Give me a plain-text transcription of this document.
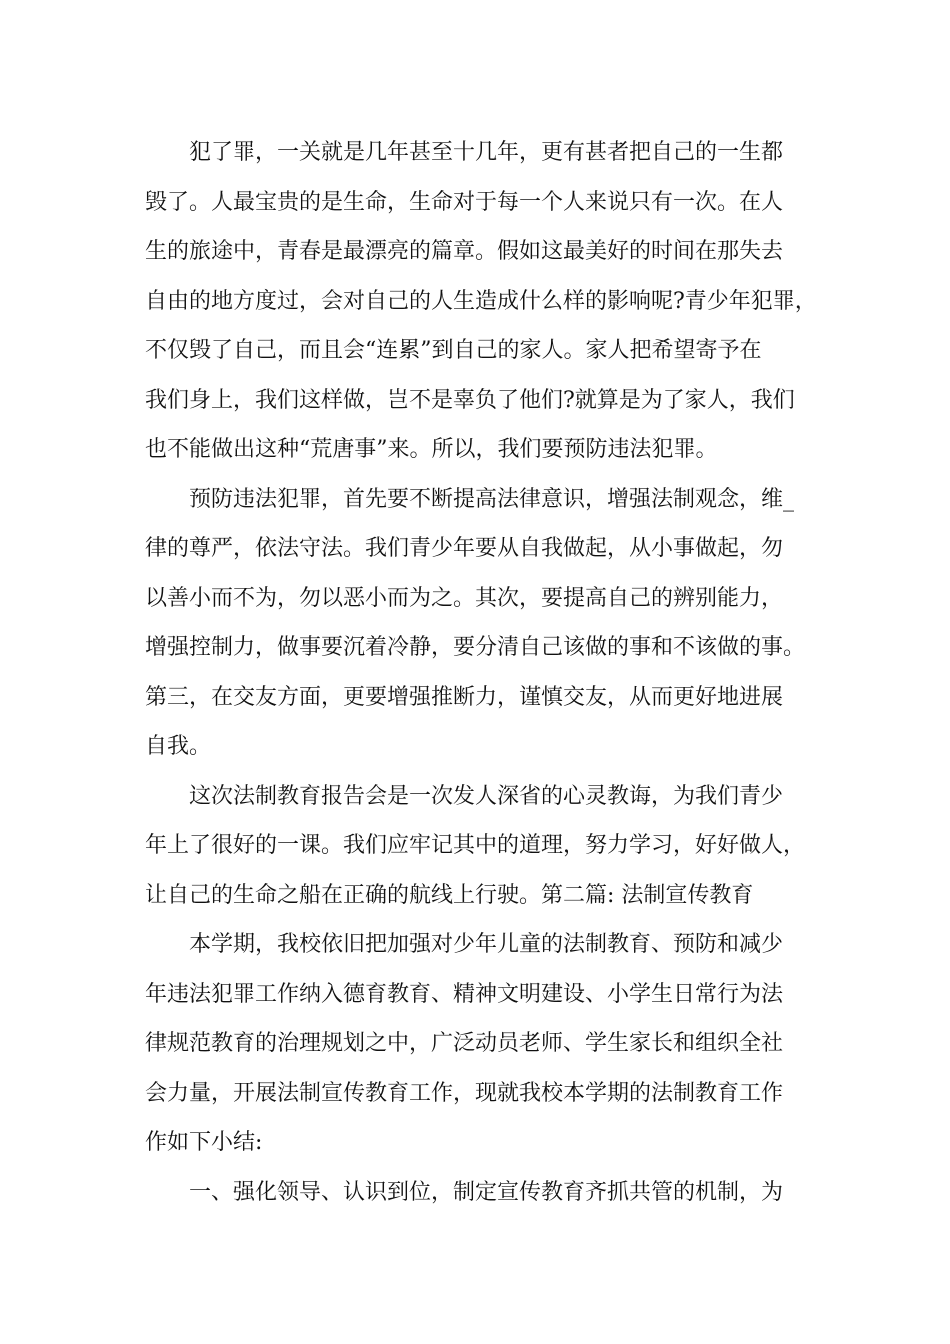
犯了罪，一关就是几年甚至十几年，更有甚者把自己的一生都
毁了。人最宝贵的是生命，生命对于每一个人来说只有一次。在人
生的旅途中，青春是最漂亮的篇章。假如这最美好的时间在那失去
自由的地方度过，会对自己的人生造成什么样的影响呢?青少年犯罪，
不仅毁了自己，而且会“连累”到自己的家人。家人把希望寄予在
我们身上，我们这样做，岂不是辜负了他们?就算是为了家人，我们
也不能做出这种“荒唐事”来。所以，我们要预防违法犯罪。
预防违法犯罪，首先要不断提高法律意识，增强法制观念，维_
律的尊严，依法守法。我们青少年要从自我做起，从小事做起，勿
以善小而不为，勿以恶小而为之。其次，要提高自己的辨别能力，
增强控制力，做事要沉着冷静，要分清自己该做的事和不该做的事。
第三，在交友方面，更要增强推断力，谨慎交友，从而更好地进展
自我。
这次法制教育报告会是一次发人深省的心灵教诲，为我们青少
年上了很好的一课。我们应牢记其中的道理，努力学习，好好做人，
让自己的生命之船在正确的航线上行驶。第二篇: 法制宣传教育
本学期，我校依旧把加强对少年儿童的法制教育、预防和减少
年违法犯罪工作纳入德育教育、精神文明建设、小学生日常行为法
律规范教育的治理规划之中，广泛动员老师、学生家长和组织全社
会力量，开展法制宣传教育工作，现就我校本学期的法制教育工作
作如下小结:
一、强化领导、认识到位，制定宣传教育齐抓共管的机制，为
